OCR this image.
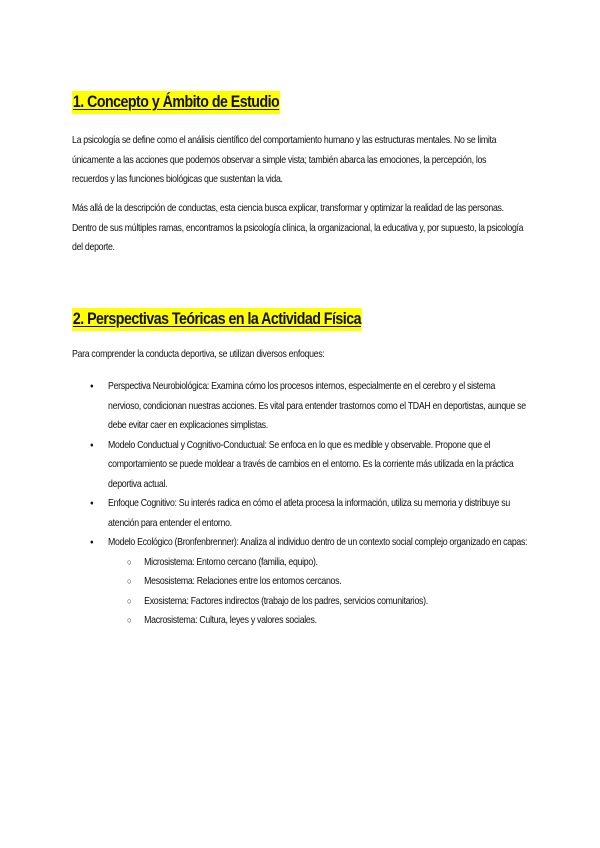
1. Concepto y Ámbito de Estudio

La psicología se define como el análisis científico del comportamiento humano y las estructuras mentales. No se limita únicamente a las acciones que podemos observar a simple vista; también abarca las emociones, la percepción, los recuerdos y las funciones biológicas que sustentan la vida.

Más allá de la descripción de conductas, esta ciencia busca explicar, transformar y optimizar la realidad de las personas. Dentro de sus múltiples ramas, encontramos la psicología clínica, la organizacional, la educativa y, por supuesto, la psicología del deporte.

2. Perspectivas Teóricas en la Actividad Física

Para comprender la conducta deportiva, se utilizan diversos enfoques:

● Perspectiva Neurobiológica: Examina cómo los procesos internos, especialmente en el cerebro y el sistema nervioso, condicionan nuestras acciones. Es vital para entender trastornos como el TDAH en deportistas, aunque se debe evitar caer en explicaciones simplistas.
● Modelo Conductual y Cognitivo-Conductual: Se enfoca en lo que es medible y observable. Propone que el comportamiento se puede moldear a través de cambios en el entorno. Es la corriente más utilizada en la práctica deportiva actual.
● Enfoque Cognitivo: Su interés radica en cómo el atleta procesa la información, utiliza su memoria y distribuye su atención para entender el entorno.
● Modelo Ecológico (Bronfenbrenner): Analiza al individuo dentro de un contexto social complejo organizado en capas:
○ Microsistema: Entorno cercano (familia, equipo).
○ Mesosistema: Relaciones entre los entornos cercanos.
○ Exosistema: Factores indirectos (trabajo de los padres, servicios comunitarios).
○ Macrosistema: Cultura, leyes y valores sociales.
